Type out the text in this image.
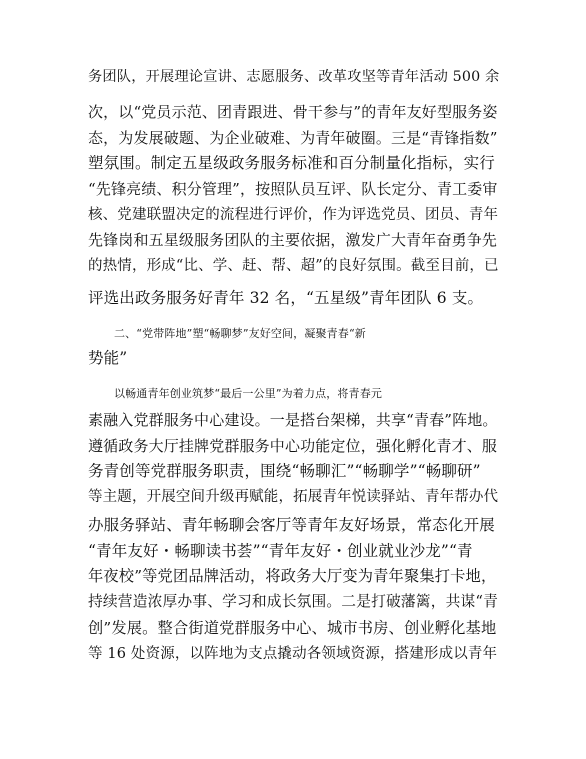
务团队，开展理论宣讲、志愿服务、改革攻坚等青年活动 500 余
次，以“党员示范、团青跟进、骨干参与”的青年友好型服务姿
态，为发展破题、为企业破难、为青年破圈。三是“青锋指数”
塑氛围。制定五星级政务服务标准和百分制量化指标，实行
“先锋亮绩、积分管理”，按照队员互评、队长定分、青工委审
核、党建联盟决定的流程进行评价，作为评选党员、团员、青年
先锋岗和五星级服务团队的主要依据，激发广大青年奋勇争先
的热情，形成“比、学、赶、帮、超”的良好氛围。截至目前，已
评选出政务服务好青年 32 名，“五星级”青年团队 6 支。
二、“党带阵地”塑“畅聊梦”友好空间，凝聚青春“新
势能”
以畅通青年创业筑梦“最后一公里”为着力点，将青春元
素融入党群服务中心建设。一是搭台架梯，共享“青春”阵地。
遵循政务大厅挂牌党群服务中心功能定位，强化孵化青才、服
务青创等党群服务职责，围绕“畅聊汇”“畅聊学”“畅聊研”
等主题，开展空间升级再赋能，拓展青年悦读驿站、青年帮办代
办服务驿站、青年畅聊会客厅等青年友好场景，常态化开展
“青年友好・畅聊读书荟”“青年友好・创业就业沙龙”“青
年夜校”等党团品牌活动，将政务大厅变为青年聚集打卡地，
持续营造浓厚办事、学习和成长氛围。二是打破藩篱，共谋“青
创”发展。整合街道党群服务中心、城市书房、创业孵化基地
等 16 处资源，以阵地为支点撬动各领域资源，搭建形成以青年
